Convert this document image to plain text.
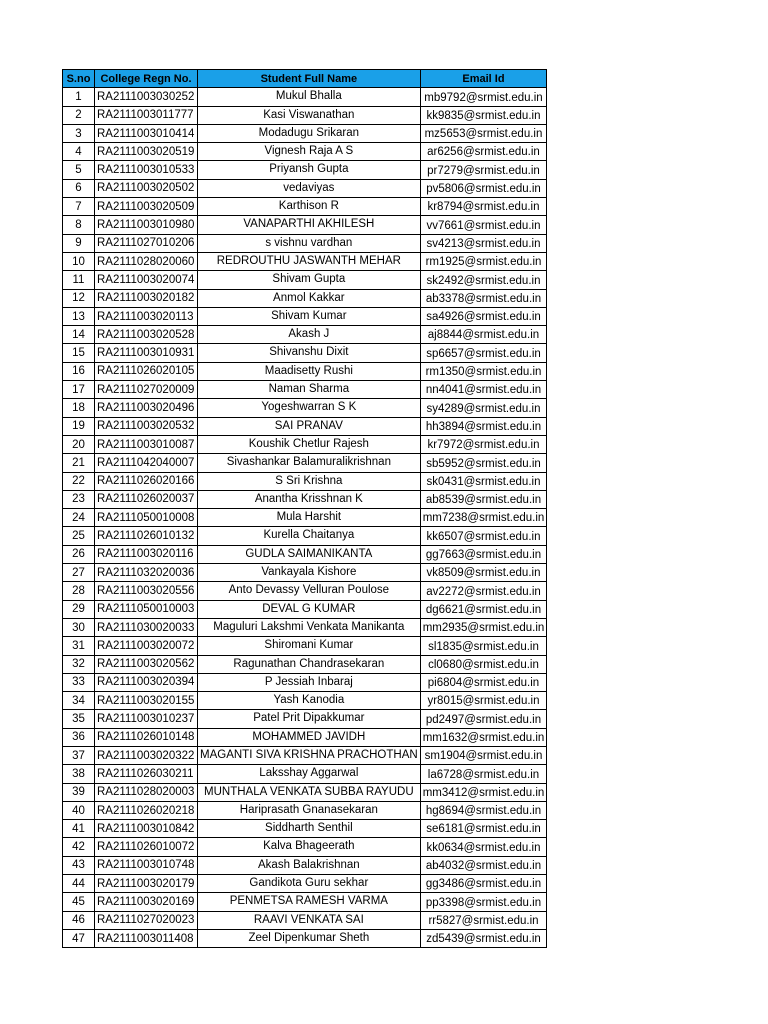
S.no	College Regn No.	Student Full Name	Email Id
1	RA2111003030252	Mukul Bhalla	mb9792@srmist.edu.in
2	RA2111003011777	Kasi Viswanathan	kk9835@srmist.edu.in
3	RA2111003010414	Modadugu Srikaran	mz5653@srmist.edu.in
4	RA2111003020519	Vignesh Raja A S	ar6256@srmist.edu.in
5	RA2111003010533	Priyansh Gupta	pr7279@srmist.edu.in
6	RA2111003020502	vedaviyas	pv5806@srmist.edu.in
7	RA2111003020509	Karthison R	kr8794@srmist.edu.in
8	RA2111003010980	VANAPARTHI AKHILESH	vv7661@srmist.edu.in
9	RA2111027010206	s vishnu vardhan	sv4213@srmist.edu.in
10	RA2111028020060	REDROUTHU JASWANTH MEHAR	rm1925@srmist.edu.in
11	RA2111003020074	Shivam Gupta	sk2492@srmist.edu.in
12	RA2111003020182	Anmol Kakkar	ab3378@srmist.edu.in
13	RA2111003020113	Shivam Kumar	sa4926@srmist.edu.in
14	RA2111003020528	Akash J	aj8844@srmist.edu.in
15	RA2111003010931	Shivanshu Dixit	sp6657@srmist.edu.in
16	RA2111026020105	Maadisetty Rushi	rm1350@srmist.edu.in
17	RA2111027020009	Naman Sharma	nn4041@srmist.edu.in
18	RA2111003020496	Yogeshwarran S K	sy4289@srmist.edu.in
19	RA2111003020532	SAI PRANAV	hh3894@srmist.edu.in
20	RA2111003010087	Koushik Chetlur Rajesh	kr7972@srmist.edu.in
21	RA2111042040007	Sivashankar Balamuralikrishnan	sb5952@srmist.edu.in
22	RA2111026020166	S Sri Krishna	sk0431@srmist.edu.in
23	RA2111026020037	Anantha Krisshnan K	ab8539@srmist.edu.in
24	RA2111050010008	Mula Harshit	mm7238@srmist.edu.in
25	RA2111026010132	Kurella Chaitanya	kk6507@srmist.edu.in
26	RA2111003020116	GUDLA SAIMANIKANTA	gg7663@srmist.edu.in
27	RA2111032020036	Vankayala Kishore	vk8509@srmist.edu.in
28	RA2111003020556	Anto Devassy Velluran Poulose	av2272@srmist.edu.in
29	RA2111050010003	DEVAL G KUMAR	dg6621@srmist.edu.in
30	RA2111030020033	Maguluri Lakshmi Venkata Manikanta	mm2935@srmist.edu.in
31	RA2111003020072	Shiromani Kumar	sl1835@srmist.edu.in
32	RA2111003020562	Ragunathan Chandrasekaran	cl0680@srmist.edu.in
33	RA2111003020394	P Jessiah Inbaraj	pi6804@srmist.edu.in
34	RA2111003020155	Yash Kanodia	yr8015@srmist.edu.in
35	RA2111003010237	Patel Prit Dipakkumar	pd2497@srmist.edu.in
36	RA2111026010148	MOHAMMED JAVIDH	mm1632@srmist.edu.in
37	RA2111003020322	MAGANTI SIVA KRISHNA PRACHOTHAN	sm1904@srmist.edu.in
38	RA2111026030211	Laksshay Aggarwal	la6728@srmist.edu.in
39	RA2111028020003	MUNTHALA VENKATA SUBBA RAYUDU	mm3412@srmist.edu.in
40	RA2111026020218	Hariprasath Gnanasekaran	hg8694@srmist.edu.in
41	RA2111003010842	Siddharth Senthil	se6181@srmist.edu.in
42	RA2111026010072	Kalva Bhageerath	kk0634@srmist.edu.in
43	RA2111003010748	Akash Balakrishnan	ab4032@srmist.edu.in
44	RA2111003020179	Gandikota Guru sekhar	gg3486@srmist.edu.in
45	RA2111003020169	PENMETSA RAMESH VARMA	pp3398@srmist.edu.in
46	RA2111027020023	RAAVI VENKATA SAI	rr5827@srmist.edu.in
47	RA2111003011408	Zeel Dipenkumar Sheth	zd5439@srmist.edu.in
